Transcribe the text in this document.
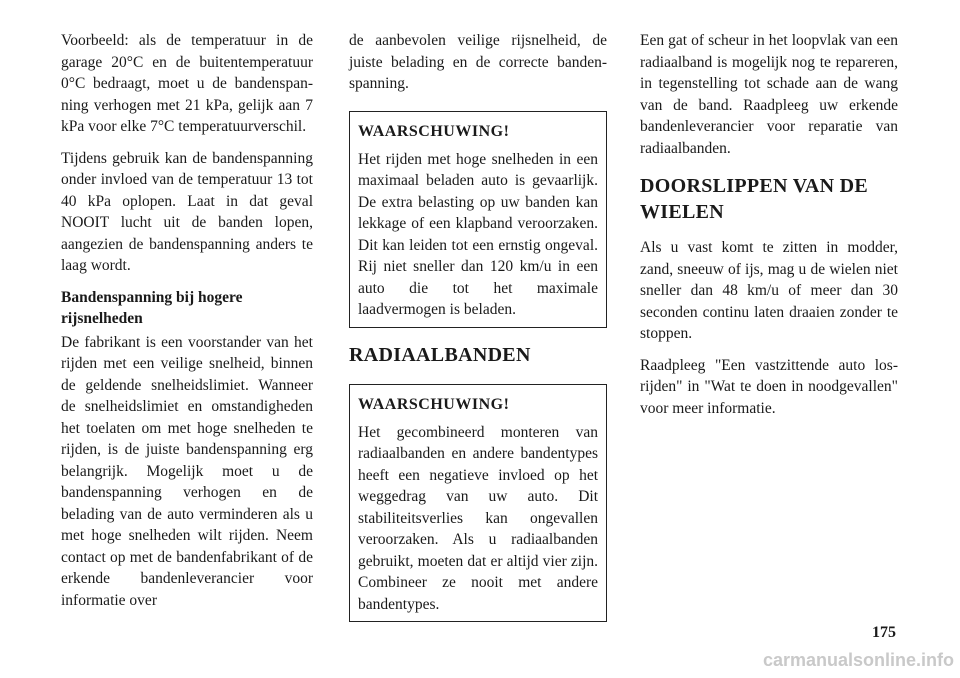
Voorbeeld: als de temperatuur in de garage 20°C en de buitentemperatuur 0°C bedraagt, moet u de bandenspanning verhogen met 21 kPa, gelijk aan 7 kPa voor elke 7°C temperatuurverschil.

Tijdens gebruik kan de bandenspanning onder invloed van de temperatuur 13 tot 40 kPa oplopen. Laat in dat geval NOOIT lucht uit de banden lopen, aangezien de bandenspanning anders te laag wordt.

Bandenspanning bij hogere rijsnelheden

De fabrikant is een voorstander van het rijden met een veilige snelheid, binnen de geldende snelheidslimiet. Wanneer de snelheidslimiet en omstandigheden het toelaten om met hoge snelheden te rijden, is de juiste bandenspanning erg belangrijk. Mogelijk moet u de bandenspanning verhogen en de belading van de auto verminderen als u met hoge snelheden wilt rijden. Neem contact op met de bandenfabrikant of de erkende bandenleverancier voor informatie over

de aanbevolen veilige rijsnelheid, de juiste belading en de correcte bandenspanning.

WAARSCHUWING!

Het rijden met hoge snelheden in een maximaal beladen auto is gevaarlijk. De extra belasting op uw banden kan lekkage of een klapband veroorzaken. Dit kan leiden tot een ernstig ongeval. Rij niet sneller dan 120 km/u in een auto die tot het maximale laadvermogen is beladen.

RADIAALBANDEN
WAARSCHUWING!

Het gecombineerd monteren van radiaalbanden en andere bandentypes heeft een negatieve invloed op het weggedrag van uw auto. Dit stabiliteitsverlies kan ongevallen veroorzaken. Als u radiaalbanden gebruikt, moeten dat er altijd vier zijn. Combineer ze nooit met andere bandentypes.

Een gat of scheur in het loopvlak van een radiaalband is mogelijk nog te repareren, in tegenstelling tot schade aan de wang van de band. Raadpleeg uw erkende bandenleverancier voor reparatie van radiaalbanden.

DOORSLIPPEN VAN DE WIELEN

Als u vast komt te zitten in modder, zand, sneeuw of ijs, mag u de wielen niet sneller dan 48 km/u of meer dan 30 seconden continu laten draaien zonder te stoppen.

Raadpleeg "Een vastzittende auto losrijden" in "Wat te doen in noodgevallen" voor meer informatie.

175
carmanualsonline.info
